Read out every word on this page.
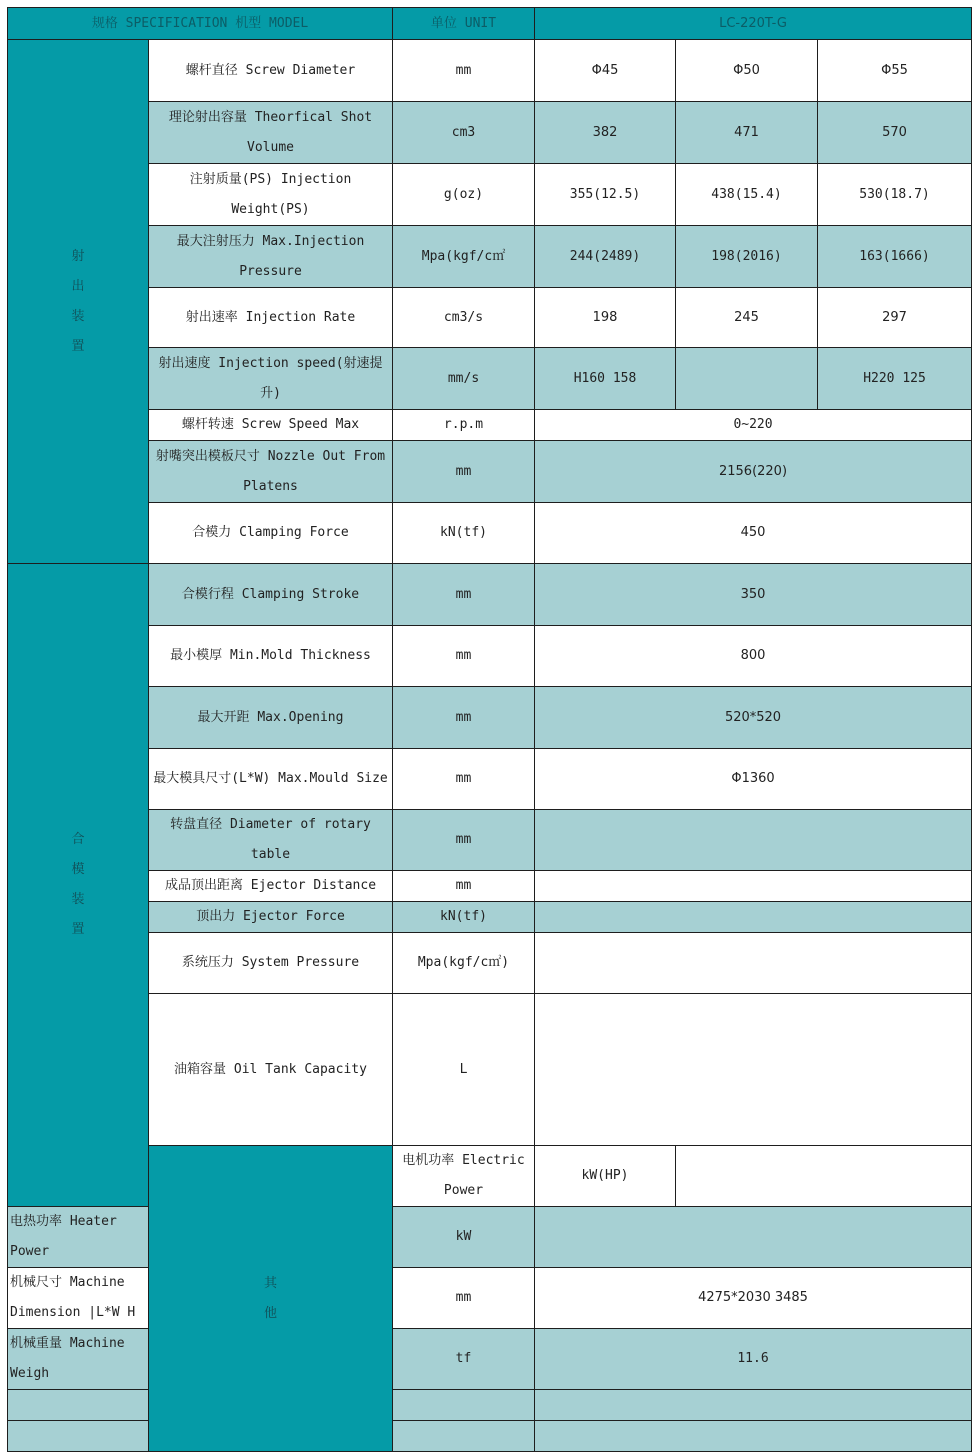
规格 SPECIFICATION 机型 MODEL		单位 UNIT	LC-220T-G		
射出装置	螺杆直径 Screw Diameter	mm	Φ45	Φ50	Φ55
	理论射出容量 Theorfical Shot Volume	cm3	382	471	570
	注射质量(PS) Injection Weight(PS)	g(oz)	355(12.5)	438(15.4)	530(18.7)
	最大注射压力 Max.Injection Pressure	Mpa(kgf/c㎡	244(2489)	198(2016)	163(1666)
	射出速率 Injection Rate	cm3/s	198	245	297
	射出速度 Injection speed(射速提升)	mm/s	H160 158		H220 125
	螺杆转速 Screw Speed Max	r.p.m	0~220		
	射嘴突出模板尺寸 Nozzle Out From Platens	mm	2156(220)		
	合模力 Clamping Force	kN(tf)	450		
合模装置	合模行程 Clamping Stroke	mm	350		
	最小模厚 Min.Mold Thickness	mm	800		
	最大开距 Max.Opening	mm	520*520		
	最大模具尺寸(L*W) Max.Mould Size	mm	Φ1360		
	转盘直径 Diameter of rotary table	mm			
	成品顶出距离 Ejector Distance	mm			
	顶出力 Ejector Force	kN(tf)			
	系统压力 System Pressure	Mpa(kgf/c㎡)			
	油箱容量 Oil Tank Capacity	L			
	其他	电机功率 Electric Power	kW(HP)		
电热功率 Heater Power		kW			
机械尺寸 Machine Dimension |L*W H		mm	4275*2030 3485		
机械重量 Machine Weigh		tf	11.6		
